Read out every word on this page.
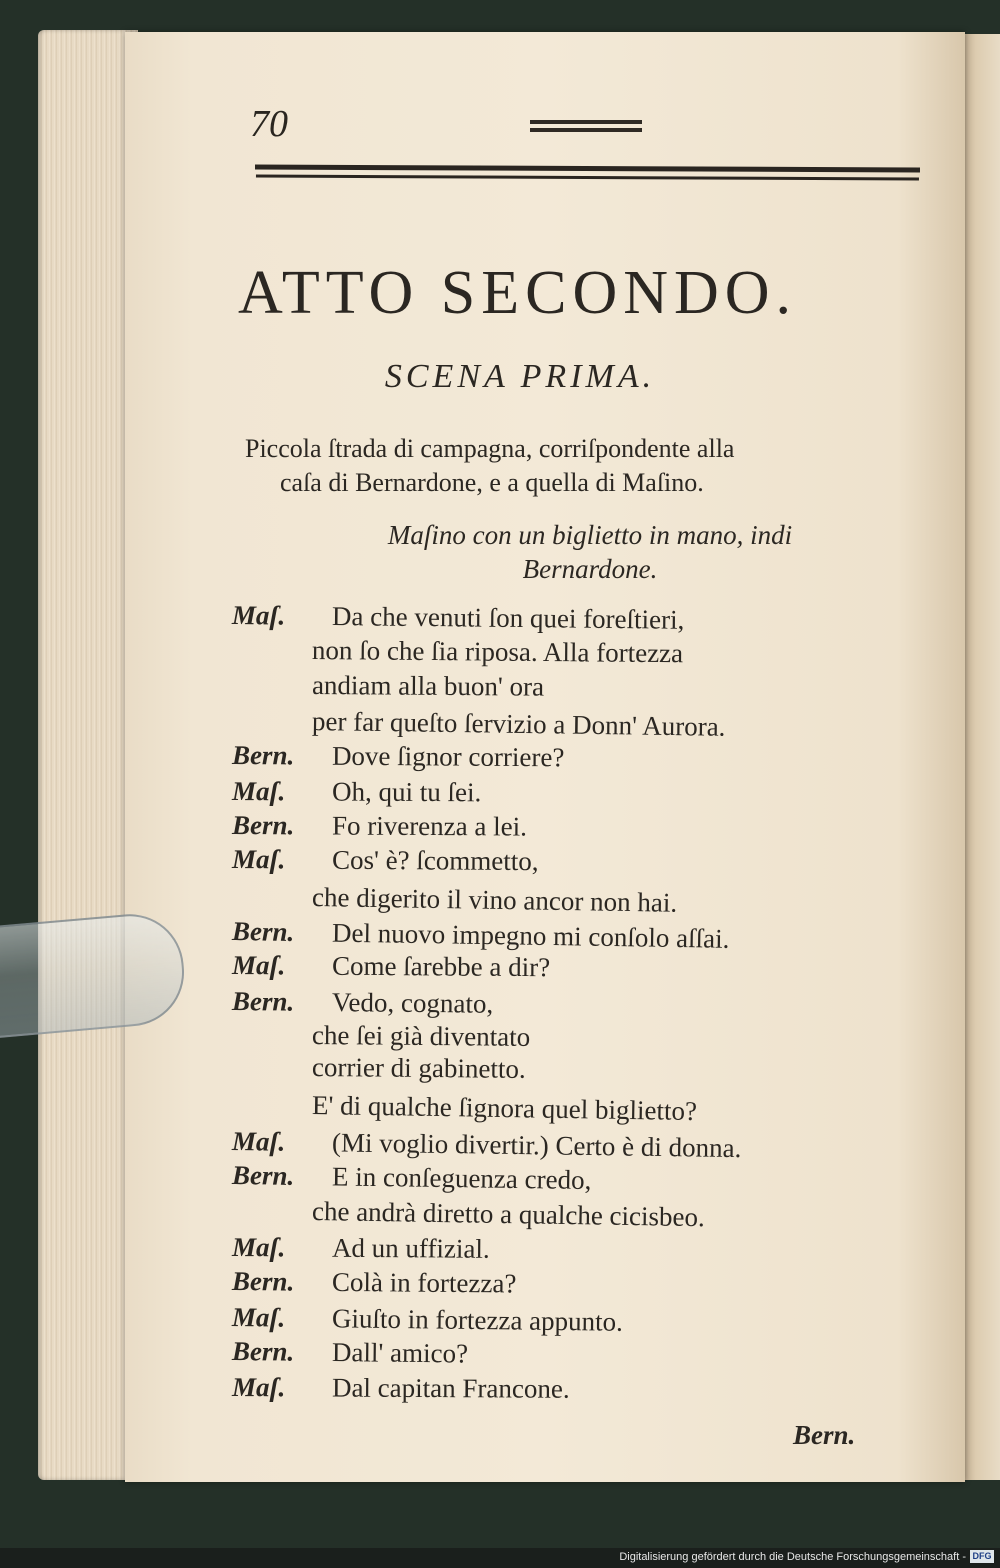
70
ATTO SECONDO.
SCENA PRIMA.
Piccola ſtrada di campagna, corriſpondente alla
caſa di Bernardone, e a quella di Maſino.
Maſino con un biglietto in mano, indi
Bernardone.
Maſ. Da che venuti ſon quei foreſtieri,
non ſo che ſia riposa. Alla fortezza
andiam alla buon' ora
per far queſto ſervizio a Donn' Aurora.
Bern. Dove ſignor corriere?
Maſ. Oh, qui tu ſei.
Bern. Fo riverenza a lei.
Maſ. Cos' è? ſcommetto,
che digerito il vino ancor non hai.
Bern. Del nuovo impegno mi conſolo aſſai.
Maſ. Come ſarebbe a dir?
Bern. Vedo, cognato,
che ſei già diventato
corrier di gabinetto.
E' di qualche ſignora quel biglietto?
Maſ. (Mi voglio divertir.) Certo è di donna.
Bern. E in conſeguenza credo,
che andrà diretto a qualche cicisbeo.
Maſ. Ad un uffizial.
Bern. Colà in fortezza?
Maſ. Giuſto in fortezza appunto.
Bern. Dall' amico?
Maſ. Dal capitan Francone.
Bern.
Digitalisierung gefördert durch die Deutsche Forschungsgemeinschaft - DFG
